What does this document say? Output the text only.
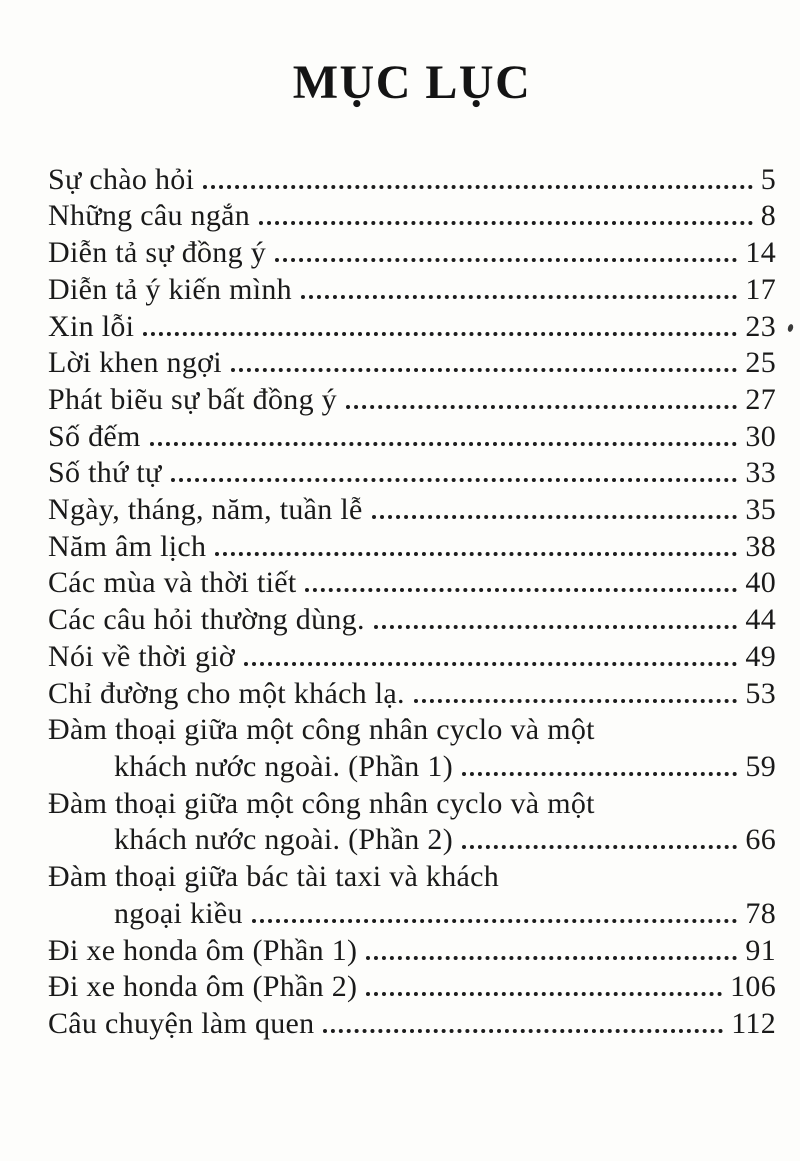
MỤC LỤC
Sự chào hỏi	5
Những câu ngắn	8
Diễn tả sự đồng ý	14
Diễn tả ý kiến mình	17
Xin lỗi	23
Lời khen ngợi	25
Phát biẽu sự bất đồng ý	27
Số đếm	30
Số thứ tự	33
Ngày, tháng, năm, tuần lễ	35
Năm âm lịch	38
Các mùa và thời tiết	40
Các câu hỏi thường dùng.	44
Nói về thời giờ	49
Chỉ đường cho một khách lạ.	53
Đàm thoại giữa một công nhân cyclo và một
khách nước ngoài. (Phần 1)	59
Đàm thoại giữa một công nhân cyclo và một
khách nước ngoài. (Phần 2)	66
Đàm thoại giữa bác tài taxi và khách
ngoại kiều	78
Đi xe honda ôm (Phần 1)	91
Đi xe honda ôm (Phần 2)	106
Câu chuyện làm quen	112
